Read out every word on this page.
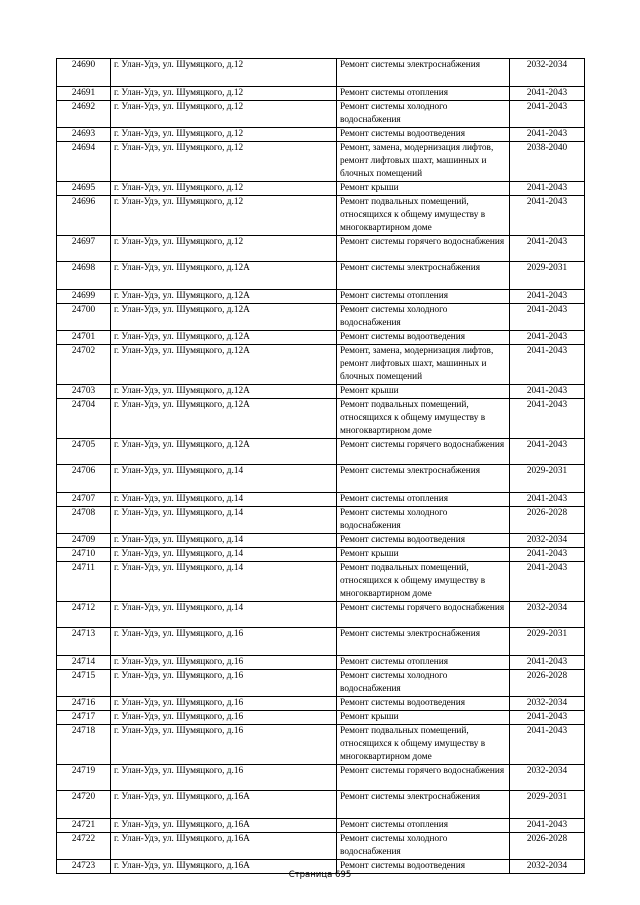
24690	г. Улан-Удэ, ул. Шумяцкого, д.12	Ремонт системы электроснабжения	2032-2034
24691	г. Улан-Удэ, ул. Шумяцкого, д.12	Ремонт системы отопления	2041-2043
24692	г. Улан-Удэ, ул. Шумяцкого, д.12	Ремонт системы холодного водоснабжения	2041-2043
24693	г. Улан-Удэ, ул. Шумяцкого, д.12	Ремонт системы водоотведения	2041-2043
24694	г. Улан-Удэ, ул. Шумяцкого, д.12	Ремонт, замена, модернизация лифтов, ремонт лифтовых шахт, машинных и блочных помещений	2038-2040
24695	г. Улан-Удэ, ул. Шумяцкого, д.12	Ремонт крыши	2041-2043
24696	г. Улан-Удэ, ул. Шумяцкого, д.12	Ремонт подвальных помещений, относящихся к общему имуществу в многоквартирном доме	2041-2043
24697	г. Улан-Удэ, ул. Шумяцкого, д.12	Ремонт системы горячего водоснабжения	2041-2043
24698	г. Улан-Удэ, ул. Шумяцкого, д.12А	Ремонт системы электроснабжения	2029-2031
24699	г. Улан-Удэ, ул. Шумяцкого, д.12А	Ремонт системы отопления	2041-2043
24700	г. Улан-Удэ, ул. Шумяцкого, д.12А	Ремонт системы холодного водоснабжения	2041-2043
24701	г. Улан-Удэ, ул. Шумяцкого, д.12А	Ремонт системы водоотведения	2041-2043
24702	г. Улан-Удэ, ул. Шумяцкого, д.12А	Ремонт, замена, модернизация лифтов, ремонт лифтовых шахт, машинных и блочных помещений	2041-2043
24703	г. Улан-Удэ, ул. Шумяцкого, д.12А	Ремонт крыши	2041-2043
24704	г. Улан-Удэ, ул. Шумяцкого, д.12А	Ремонт подвальных помещений, относящихся к общему имуществу в многоквартирном доме	2041-2043
24705	г. Улан-Удэ, ул. Шумяцкого, д.12А	Ремонт системы горячего водоснабжения	2041-2043
24706	г. Улан-Удэ, ул. Шумяцкого, д.14	Ремонт системы электроснабжения	2029-2031
24707	г. Улан-Удэ, ул. Шумяцкого, д.14	Ремонт системы отопления	2041-2043
24708	г. Улан-Удэ, ул. Шумяцкого, д.14	Ремонт системы холодного водоснабжения	2026-2028
24709	г. Улан-Удэ, ул. Шумяцкого, д.14	Ремонт системы водоотведения	2032-2034
24710	г. Улан-Удэ, ул. Шумяцкого, д.14	Ремонт крыши	2041-2043
24711	г. Улан-Удэ, ул. Шумяцкого, д.14	Ремонт подвальных помещений, относящихся к общему имуществу в многоквартирном доме	2041-2043
24712	г. Улан-Удэ, ул. Шумяцкого, д.14	Ремонт системы горячего водоснабжения	2032-2034
24713	г. Улан-Удэ, ул. Шумяцкого, д.16	Ремонт системы электроснабжения	2029-2031
24714	г. Улан-Удэ, ул. Шумяцкого, д.16	Ремонт системы отопления	2041-2043
24715	г. Улан-Удэ, ул. Шумяцкого, д.16	Ремонт системы холодного водоснабжения	2026-2028
24716	г. Улан-Удэ, ул. Шумяцкого, д.16	Ремонт системы водоотведения	2032-2034
24717	г. Улан-Удэ, ул. Шумяцкого, д.16	Ремонт крыши	2041-2043
24718	г. Улан-Удэ, ул. Шумяцкого, д.16	Ремонт подвальных помещений, относящихся к общему имуществу в многоквартирном доме	2041-2043
24719	г. Улан-Удэ, ул. Шумяцкого, д.16	Ремонт системы горячего водоснабжения	2032-2034
24720	г. Улан-Удэ, ул. Шумяцкого, д.16А	Ремонт системы электроснабжения	2029-2031
24721	г. Улан-Удэ, ул. Шумяцкого, д.16А	Ремонт системы отопления	2041-2043
24722	г. Улан-Удэ, ул. Шумяцкого, д.16А	Ремонт системы холодного водоснабжения	2026-2028
24723	г. Улан-Удэ, ул. Шумяцкого, д.16А	Ремонт системы водоотведения	2032-2034
Страница 695
